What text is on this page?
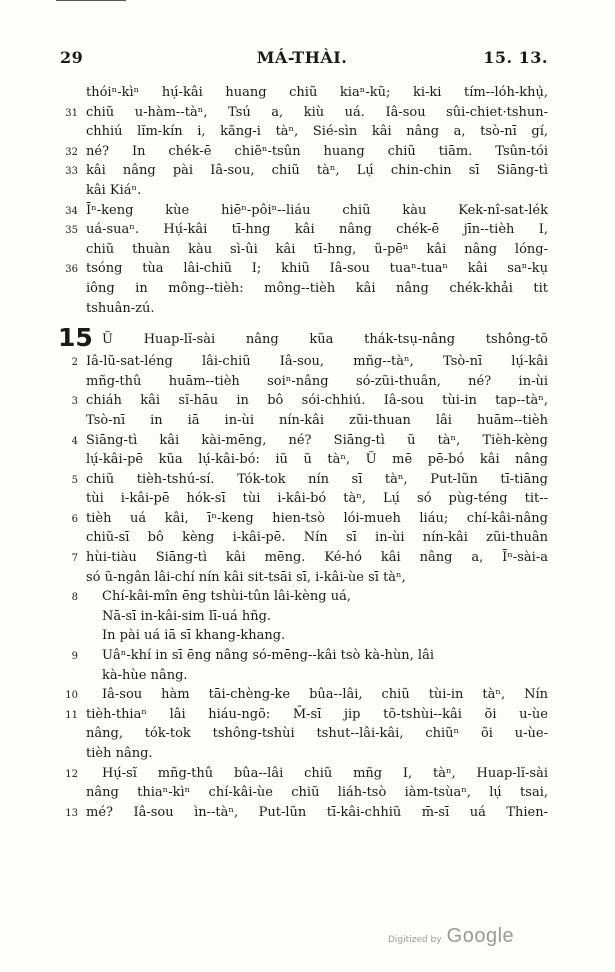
29	MÁ-THÀI.	15. 13.
thóiⁿ-kìⁿ hụ́-kâi huang chiũ kiaⁿ-kũ; ki-ki tím--lóh-khụ̀,
31 chiũ u-hàm--tàⁿ, Tsú a, kiù uá. Iâ-sou sûi-chiet·tshun-
chhiú lĭm-kín i, kăng-i tàⁿ, Sié-sìn kâi nâng a, tsò-nī gí,
32 né? In chék-ē chiẽⁿ-tsûn huang chiũ tiām. Tsûn-tói
33 kâi nâng pài Iâ-sou, chiũ tàⁿ, Lụ́ chin-chin sī Siāng-tì
kâi Kiáⁿ.
34 Īⁿ-keng kùe hiēⁿ-pôiⁿ--liáu chiũ kàu Kek-nî-sat-lék
35 uá-suaⁿ. Hụ́-kâi tī-hng kâi nâng chék-ē jīn--tièh I,
chiũ thuàn kàu sì-ûi kâi tī-hng, ũ-pēⁿ kâi nâng lóng-
36 tsóng tùa lâi-chiũ I; khiũ Iâ-sou tuaⁿ-tuaⁿ kâi saⁿ-kụ
iông in mông--tièh: mông--tièh kâi nâng chék-khải tit
tshuân-zú.
15 Ũ Huap-lĭ-sài nâng kũa thák-tsụ-nâng tshông-tŏ
2 Iâ-lũ-sat-léng lâi-chiũ Iâ-sou, mñg--tàⁿ, Tsò-nī lụ́-kâi
mñg-thû huām--tièh soiⁿ-nâng só-zũi-thuân, né? in-ùi
3 chiáh kâi sĭ-hāu in bô sói-chhiú. Iâ-sou tùi-in tap--tàⁿ,
Tsò-nī in iā in-ùi nín-kâi zũi-thuan lâi huām--tièh
4 Siāng-tì kâi kài-mēng, né? Siāng-tì ũ tàⁿ, Tièh-kèng
lụ́-kâi-pē kũa lụ́-kâi-bó: iũ ũ tàⁿ, Ũ mē pē-bó kâi nâng
5 chiũ tièh-tshú-sí. Tók-tok nín sī tàⁿ, Put-lũn tī-tiāng
tùi i-kâi-pē hók-sī tùi i-kâi-bó tàⁿ, Lụ́ só pùg-téng tit--
6 tièh uá kâi, īⁿ-keng hien-tsò lói-mueh liáu; chí-kâi-nâng
chiũ-sī bô kèng i-kâi-pē. Nín sī in-ùi nín-kâi zũi-thuân
7 hùi-tiàu Siāng-tì kâi mēng. Ké-hó kâi nâng a, Īⁿ-sài-a
só ũ-ngân lâi-chí nín kâi sit-tsāi sī, i-kâi-ùe sī tàⁿ,
8 Chí-kâi-mîn ēng tshùi-tûn lâi-kèng uá,
Nā-sī in-kâi-sim lī-uá hñg.
In pài uá iā sī khang-khang.
9 Uâⁿ-khí in sī ēng nâng só-mēng--kâi tsò kà-hùn, lâi
kà-hùe nâng.
10 Iâ-sou hàm tāi-chèng-ke bûa--lâi, chiũ tùi-in tàⁿ, Nín
11 tièh-thiaⁿ lâi hiáu-ngõ: M̄-sī jip tõ-tshùi--kâi õi u-ùe
nâng, tók-tok tshông-tshùi tshut--lâi-kâi, chiũⁿ õi u-ùe-
tièh nâng.
12 Hụ́-sĩ mñg-thû bûa--lâi chiũ mñg I, tàⁿ, Huap-lĭ-sài
nâng thiaⁿ-kìⁿ chí-kâi-ùe chiũ liáh-tsò iàm-tsùaⁿ, lụ́ tsai,
13 mé? Iâ-sou ìn--tàⁿ, Put-lũn tī-kâi-chhiũ m̄-sī uá Thien-
Digitized by Google
